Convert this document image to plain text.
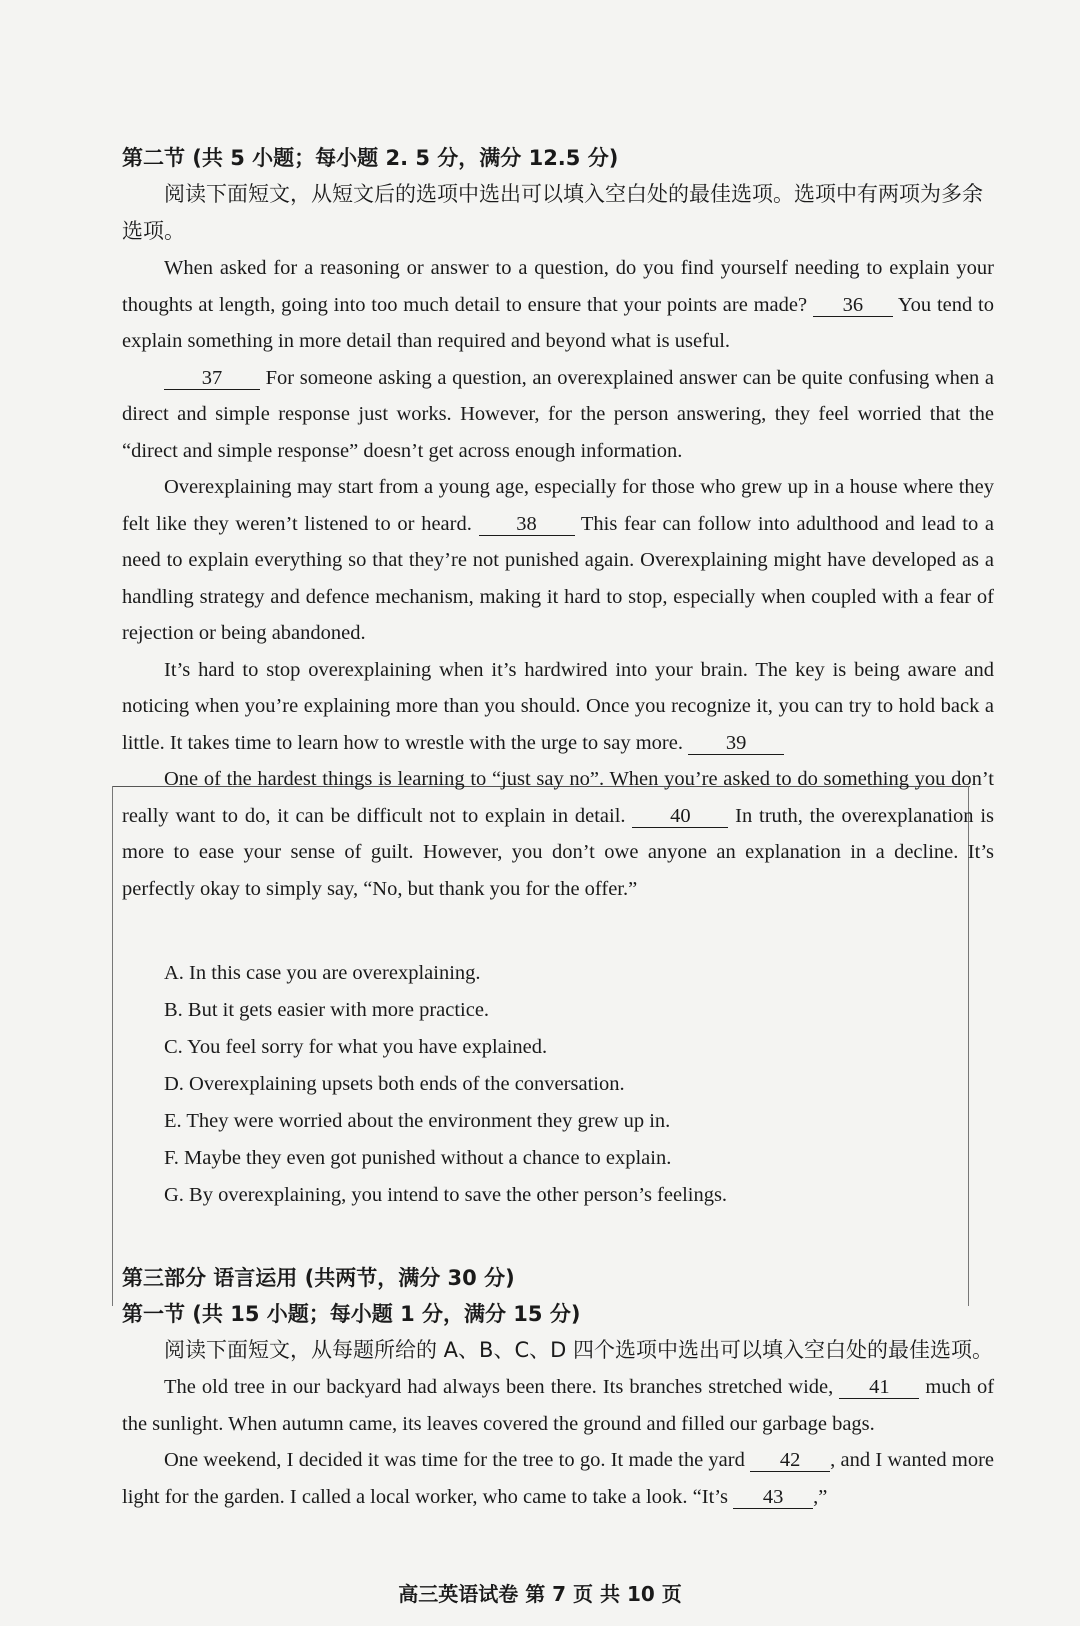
第二节 (共 5 小题；每小题 2. 5 分，满分 12.5 分)

阅读下面短文，从短文后的选项中选出可以填入空白处的最佳选项。选项中有两项为多余选项。

When asked for a reasoning or answer to a question, do you find yourself needing to explain your thoughts at length, going into too much detail to ensure that your points are made? 36 You tend to explain something in more detail than required and beyond what is useful.

37 For someone asking a question, an overexplained answer can be quite confusing when a direct and simple response just works. However, for the person answering, they feel worried that the “direct and simple response” doesn’t get across enough information.

Overexplaining may start from a young age, especially for those who grew up in a house where they felt like they weren’t listened to or heard. 38 This fear can follow into adulthood and lead to a need to explain everything so that they’re not punished again. Overexplaining might have developed as a handling strategy and defence mechanism, making it hard to stop, especially when coupled with a fear of rejection or being abandoned.

It’s hard to stop overexplaining when it’s hardwired into your brain. The key is being aware and noticing when you’re explaining more than you should. Once you recognize it, you can try to hold back a little. It takes time to learn how to wrestle with the urge to say more. 39

One of the hardest things is learning to “just say no”. When you’re asked to do something you don’t really want to do, it can be difficult not to explain in detail. 40 In truth, the overexplanation is more to ease your sense of guilt. However, you don’t owe anyone an explanation in a decline. It’s perfectly okay to simply say, “No, but thank you for the offer.”

A. In this case you are overexplaining.
B. But it gets easier with more practice.
C. You feel sorry for what you have explained.
D. Overexplaining upsets both ends of the conversation.
E. They were worried about the environment they grew up in.
F. Maybe they even got punished without a chance to explain.
G. By overexplaining, you intend to save the other person’s feelings.

第三部分 语言运用 (共两节，满分 30 分)

第一节 (共 15 小题；每小题 1 分，满分 15 分)

阅读下面短文，从每题所给的 A、B、C、D 四个选项中选出可以填入空白处的最佳选项。

The old tree in our backyard had always been there. Its branches stretched wide, 41 much of the sunlight. When autumn came, its leaves covered the ground and filled our garbage bags.

One weekend, I decided it was time for the tree to go. It made the yard 42 , and I wanted more light for the garden. I called a local worker, who came to take a look. “It’s 43 ,”

高三英语试卷 第 7 页 共 10 页
